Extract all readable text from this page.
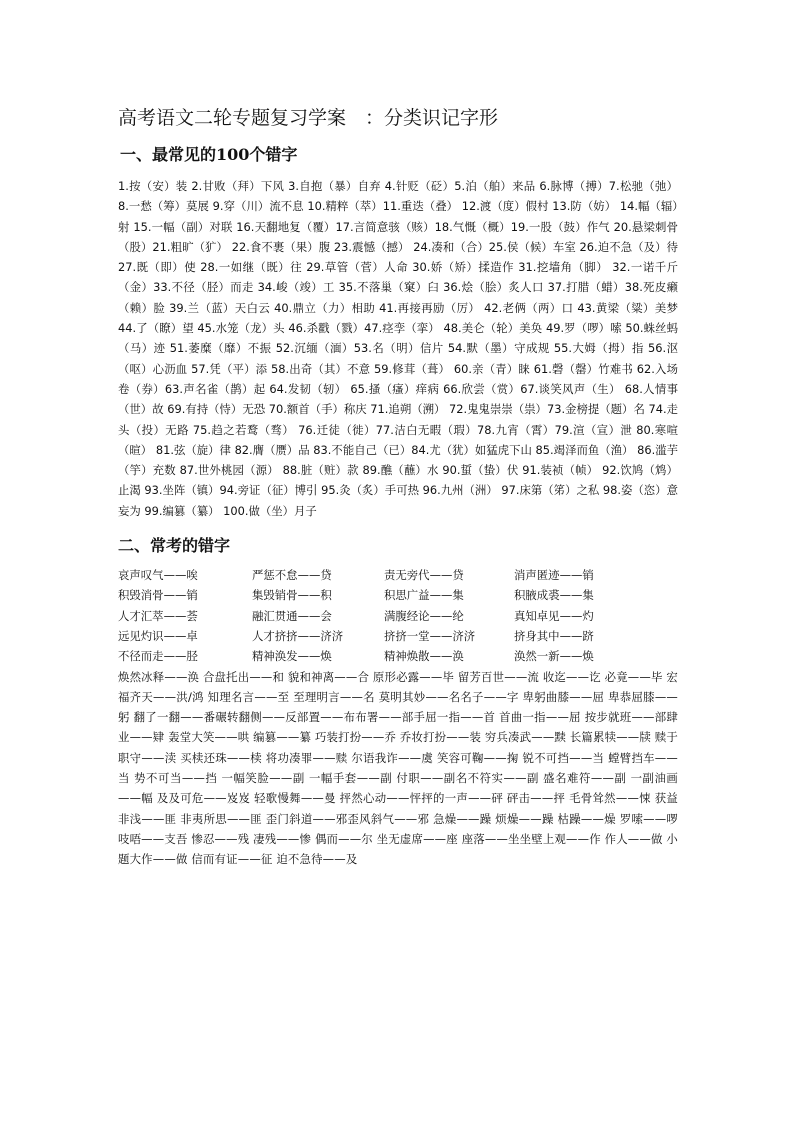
高考语文二轮专题复习学案　：分类识记字形
一、最常见的100个错字

1.按（安）装 2.甘败（拜）下风 3.自抱（暴）自弃 4.针贬（砭）5.泊（舶）来品 6.脉博（搏）7.松驰（弛） 8.一愁（筹）莫展 9.穿（川）流不息 10.精粹（萃）11.重迭（叠） 12.渡（度）假村 13.防（妨） 14.幅（辐）射 15.一幅（副）对联 16.天翻地复（覆）17.言简意骇（赅）18.气慨（概）19.一股（鼓）作气 20.悬梁刺骨（股）21.粗旷（犷） 22.食不裹（果）腹 23.震憾（撼） 24.凑和（合）25.侯（候）车室 26.迫不急（及）待 27.既（即）使 28.一如继（既）往 29.草管（菅）人命 30.娇（矫）揉造作 31.挖墙角（脚） 32.一诺千斤（金）33.不径（胫）而走 34.峻（竣）工 35.不落巢（窠）臼 36.烩（脍）炙人口 37.打腊（蜡）38.死皮癞（赖）脸 39.兰（蓝）天白云 40.鼎立（力）相助 41.再接再励（厉） 42.老俩（两）口 43.黄梁（粱）美梦 44.了（瞭）望 45.水笼（龙）头 46.杀戳（戮）47.痉孪（挛） 48.美仑（轮）美奂 49.罗（啰）嗦 50.蛛丝蚂（马）迹 51.萎糜（靡）不振 52.沉缅（湎）53.名（明）信片 54.默（墨）守成规 55.大姆（拇）指 56.沤（呕）心沥血 57.凭（平）添 58.出奇（其）不意 59.修茸（葺） 60.亲（青）睐 61.磬（罄）竹难书 62.入场卷（券）63.声名雀（鹊）起 64.发韧（轫） 65.搔（瘙）痒病 66.欣尝（赏）67.谈笑风声（生） 68.人情事（世）故 69.有持（恃）无恐 70.额首（手）称庆 71.追朔（溯） 72.鬼鬼崇崇（祟）73.金榜提（题）名 74.走头（投）无路 75.趋之若鹜（骛） 76.迁徒（徙）77.洁白无暇（瑕）78.九宵（霄）79.渲（宣）泄 80.寒喧（暄） 81.弦（旋）律 82.膺（赝）品 83.不能自己（已）84.尤（犹）如猛虎下山 85.竭泽而鱼（渔） 86.滥芋（竽）充数 87.世外桃园（源） 88.脏（赃）款 89.醮（蘸）水 90.蜇（蛰）伏 91.装祯（帧） 92.饮鸠（鸩）止渴 93.坐阵（镇）94.旁证（征）博引 95.灸（炙）手可热 96.九州（洲） 97.床第（笫）之私 98.姿（恣）意妄为 99.编篡（纂） 100.做（坐）月子

二、常考的错字
哀声叹气——唉	严惩不怠——贷	责无旁代——贷	消声匿迹——销
积毁消骨——销	集毁销骨——积	积思广益——集	积腋成裘——集
人才汇萃——荟	融汇贯通——会	满腹经论——纶	真知卓见——灼
远见灼识——卓	人才挤挤——济济	挤挤一堂——济济	挤身其中——跻
不径而走——胫	精神涣发——焕	精神焕散——涣	涣然一新——焕

焕然冰释——涣 合盘托出——和 貌和神离——合 原形必露——毕 留芳百世——流 收迄——讫 必竟——毕 宏福齐天——洪/鸿 知理名言——至 至理明言——名 莫明其妙——名名子——字 卑躬曲膝——屈 卑恭屈膝——躬 翻了一翻——番碾转翻侧——反部置——布布署——部手屈一指——首 首曲一指——屈 按步就班——部肆业——肄 轰堂大笑——哄 编篡——纂 巧装打扮——乔 乔妆打扮——装 穷兵凑武——黩 长篇累犊——牍 赎于职守——渎 买椟还珠——椟 将功凑罪——赎 尔语我诈——虞 笑容可鞠——掬 锐不可挡——当 螳臂挡车——当 势不可当——挡 一幅笑脸——副 一幅手套——副 付职——副名不符实——副 盛名难符——副 一副油画——幅 及及可危——岌岌 轻歌慢舞——曼 抨然心动——怦抨的一声——砰 砰击——抨 毛骨耸然——悚 获益非浅——匪 非夷所思——匪 歪门斜道——邪歪风斜气——邪 急燥——躁 烦燥——躁 枯躁——燥 罗嗦——啰 吱唔——支吾 惨忍——残 凄残——惨 偶而——尔 坐无虚席——座 座落——坐坐壁上观——作 作人——做 小题大作——做 信而有证——征 迫不急待——及
